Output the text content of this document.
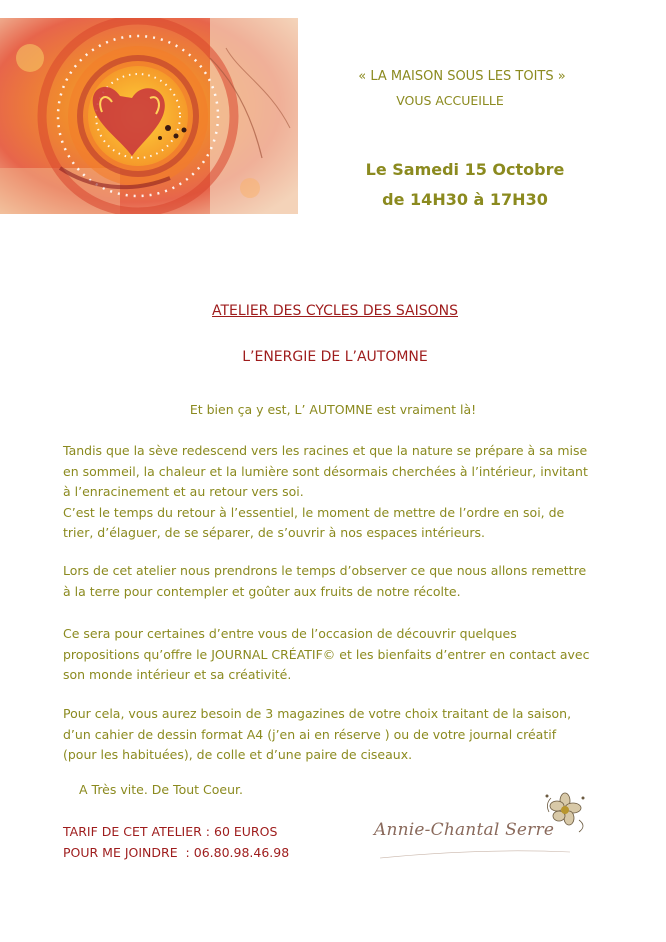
« LA MAISON SOUS LES TOITS »
VOUS ACCUEILLE
Le Samedi 15 Octobre
de 14H30 à 17H30
ATELIER DES CYCLES DES SAISONS
L’ENERGIE DE L’AUTOMNE
Et bien ça y est, L’ AUTOMNE est vraiment là!

Tandis que la sève redescend vers les racines et que la nature se prépare à sa mise en sommeil, la chaleur et la lumière sont désormais cherchées à l’intérieur, invitant à l’enracinement et au retour vers soi.
C’est le temps du retour à l’essentiel, le moment de mettre de l’ordre en soi, de trier, d’élaguer, de se séparer, de s’ouvrir à nos espaces intérieurs.

Lors de cet atelier nous prendrons le temps d’observer ce que nous allons remettre à la terre pour contempler et goûter aux fruits de notre récolte.

Ce sera pour certaines d’entre vous de l’occasion de découvrir quelques propositions qu’offre le JOURNAL CRÉATIF© et les bienfaits d’entrer en contact avec son monde intérieur et sa créativité.

Pour cela, vous aurez besoin de 3 magazines de votre choix traitant de la saison, d’un cahier de dessin format A4 (j’en ai en réserve ) ou de votre journal créatif (pour les habituées), de colle et d’une paire de ciseaux.

A Très vite. De Tout Coeur.
TARIF DE CET ATELIER : 60 EUROS
POUR ME JOINDRE  : 06.80.98.46.98
Annie-Chantal Serre
